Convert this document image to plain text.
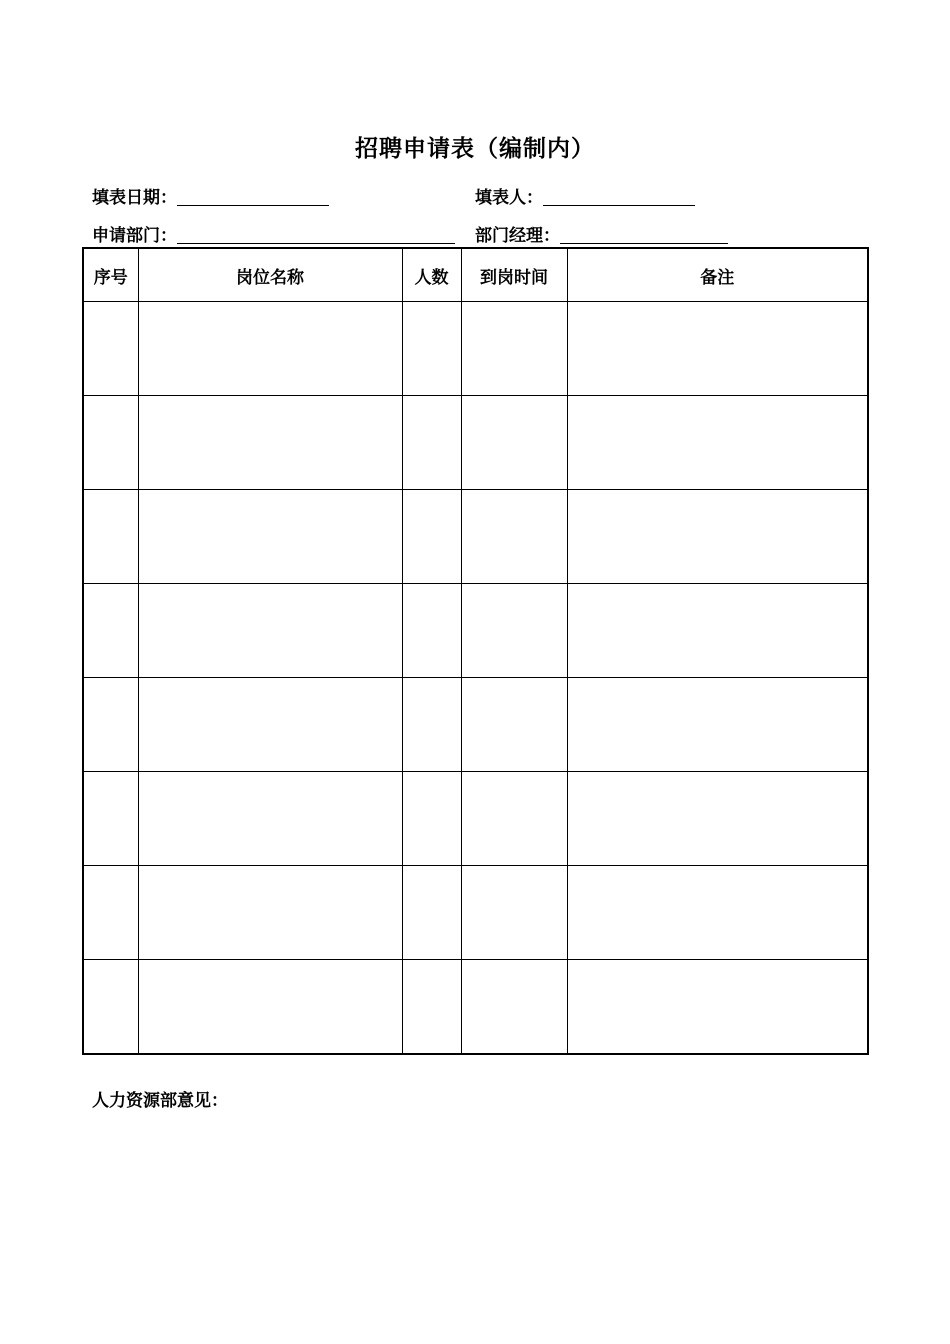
招聘申请表（编制内）
填表日期：	填表人：
申请部门：	部门经理：
序号	岗位名称	人数	到岗时间	备注

人力资源部意见：
